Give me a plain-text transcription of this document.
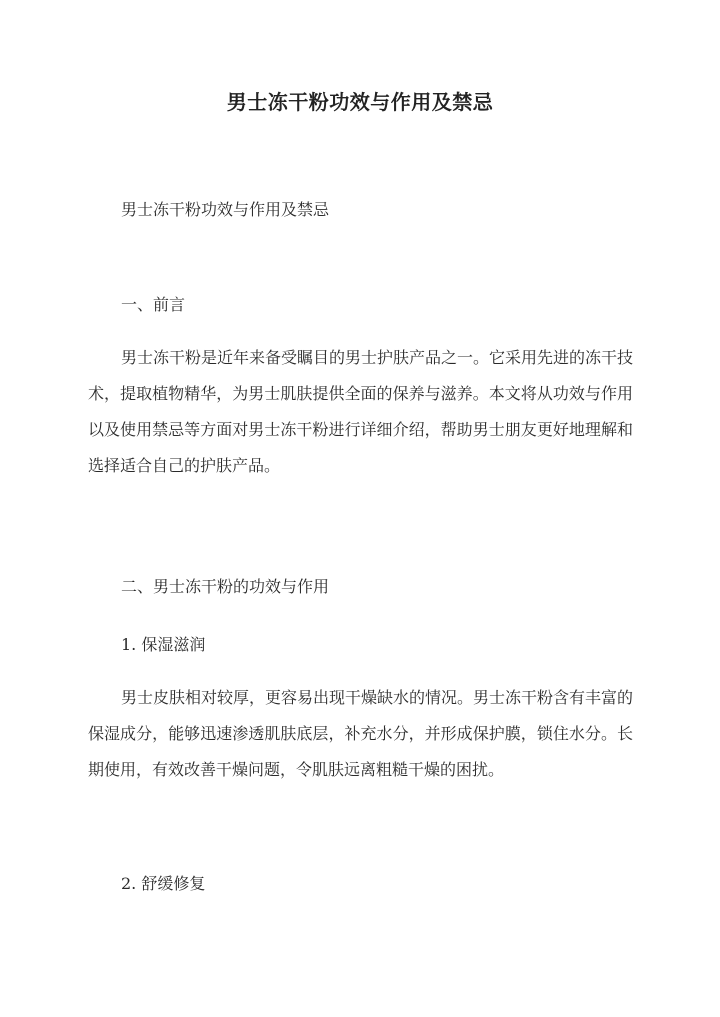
男士冻干粉功效与作用及禁忌
男士冻干粉功效与作用及禁忌
一、前言
男士冻干粉是近年来备受瞩目的男士护肤产品之一。它采用先进的冻干技术，提取植物精华，为男士肌肤提供全面的保养与滋养。本文将从功效与作用以及使用禁忌等方面对男士冻干粉进行详细介绍，帮助男士朋友更好地理解和选择适合自己的护肤产品。
二、男士冻干粉的功效与作用
1. 保湿滋润
男士皮肤相对较厚，更容易出现干燥缺水的情况。男士冻干粉含有丰富的保湿成分，能够迅速渗透肌肤底层，补充水分，并形成保护膜，锁住水分。长期使用，有效改善干燥问题，令肌肤远离粗糙干燥的困扰。
2. 舒缓修复
